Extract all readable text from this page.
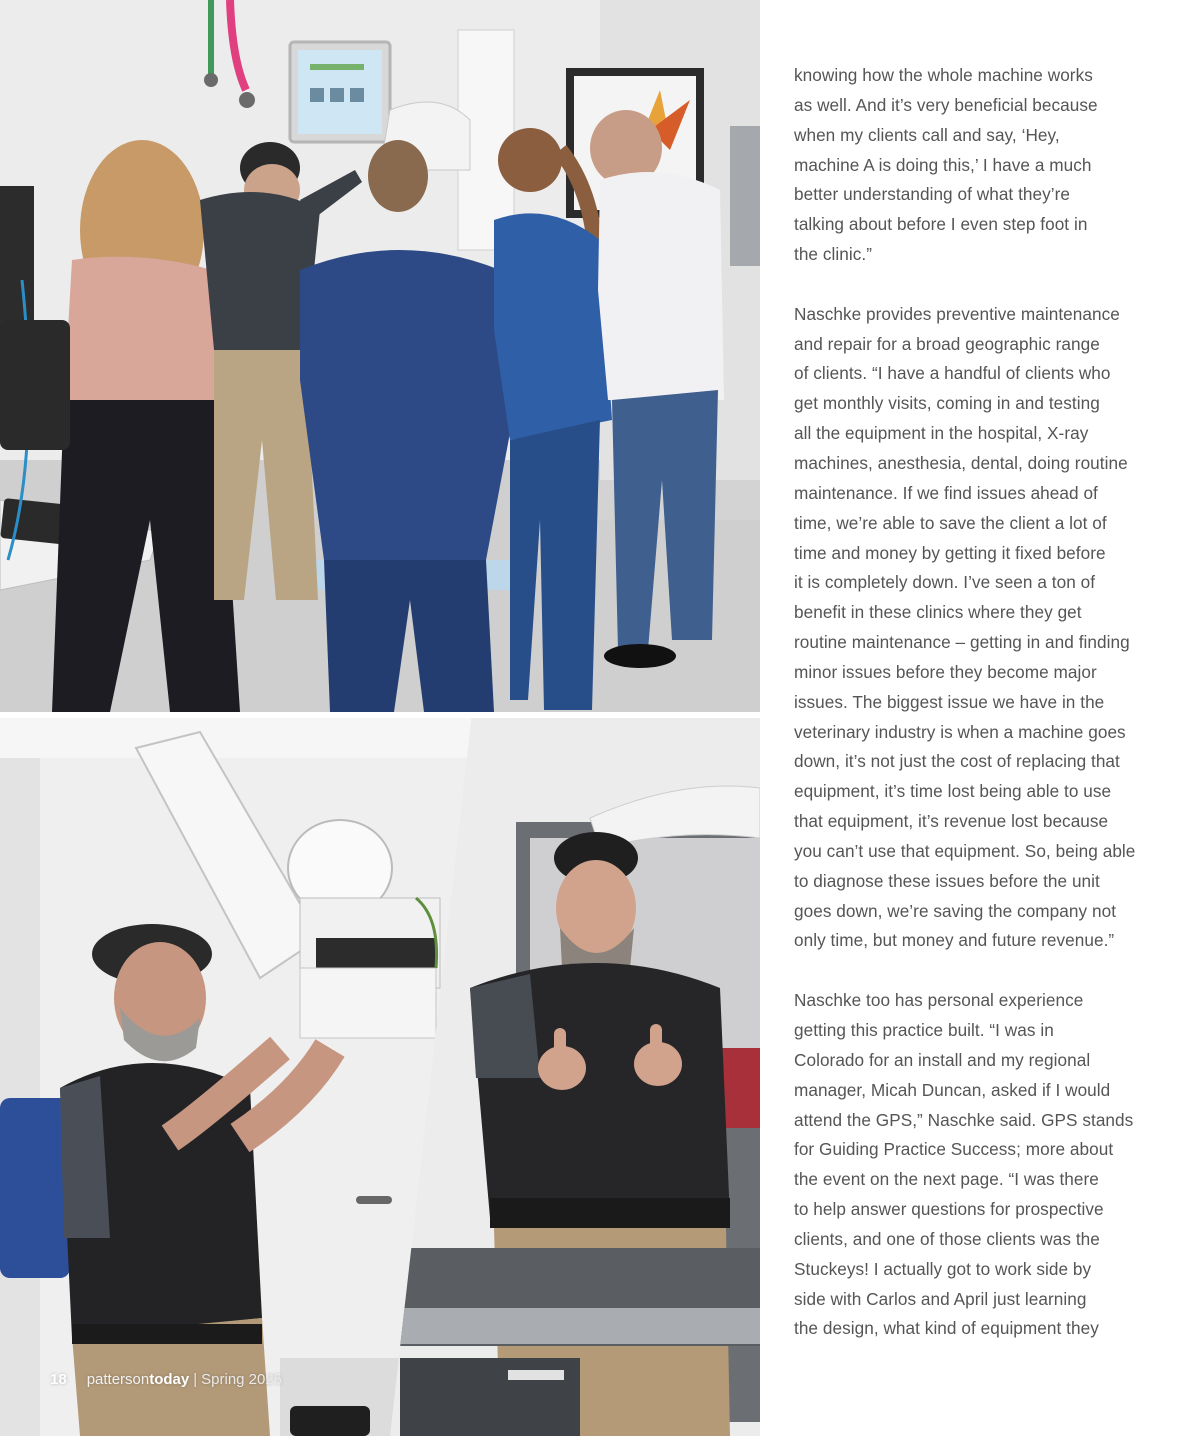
18 pattersontoday | Spring 2025
knowing how the whole machine works
as well. And it’s very beneficial because
when my clients call and say, ‘Hey,
machine A is doing this,’ I have a much
better understanding of what they’re
talking about before I even step foot in
the clinic.”
Naschke provides preventive maintenance
and repair for a broad geographic range
of clients. “I have a handful of clients who
get monthly visits, coming in and testing
all the equipment in the hospital, X-ray
machines, anesthesia, dental, doing routine
maintenance. If we find issues ahead of
time, we’re able to save the client a lot of
time and money by getting it fixed before
it is completely down. I’ve seen a ton of
benefit in these clinics where they get
routine maintenance – getting in and finding
minor issues before they become major
issues. The biggest issue we have in the
veterinary industry is when a machine goes
down, it’s not just the cost of replacing that
equipment, it’s time lost being able to use
that equipment, it’s revenue lost because
you can’t use that equipment. So, being able
to diagnose these issues before the unit
goes down, we’re saving the company not
only time, but money and future revenue.”
Naschke too has personal experience
getting this practice built. “I was in
Colorado for an install and my regional
manager, Micah Duncan, asked if I would
attend the GPS,” Naschke said. GPS stands
for Guiding Practice Success; more about
the event on the next page. “I was there
to help answer questions for prospective
clients, and one of those clients was the
Stuckeys! I actually got to work side by
side with Carlos and April just learning
the design, what kind of equipment they
